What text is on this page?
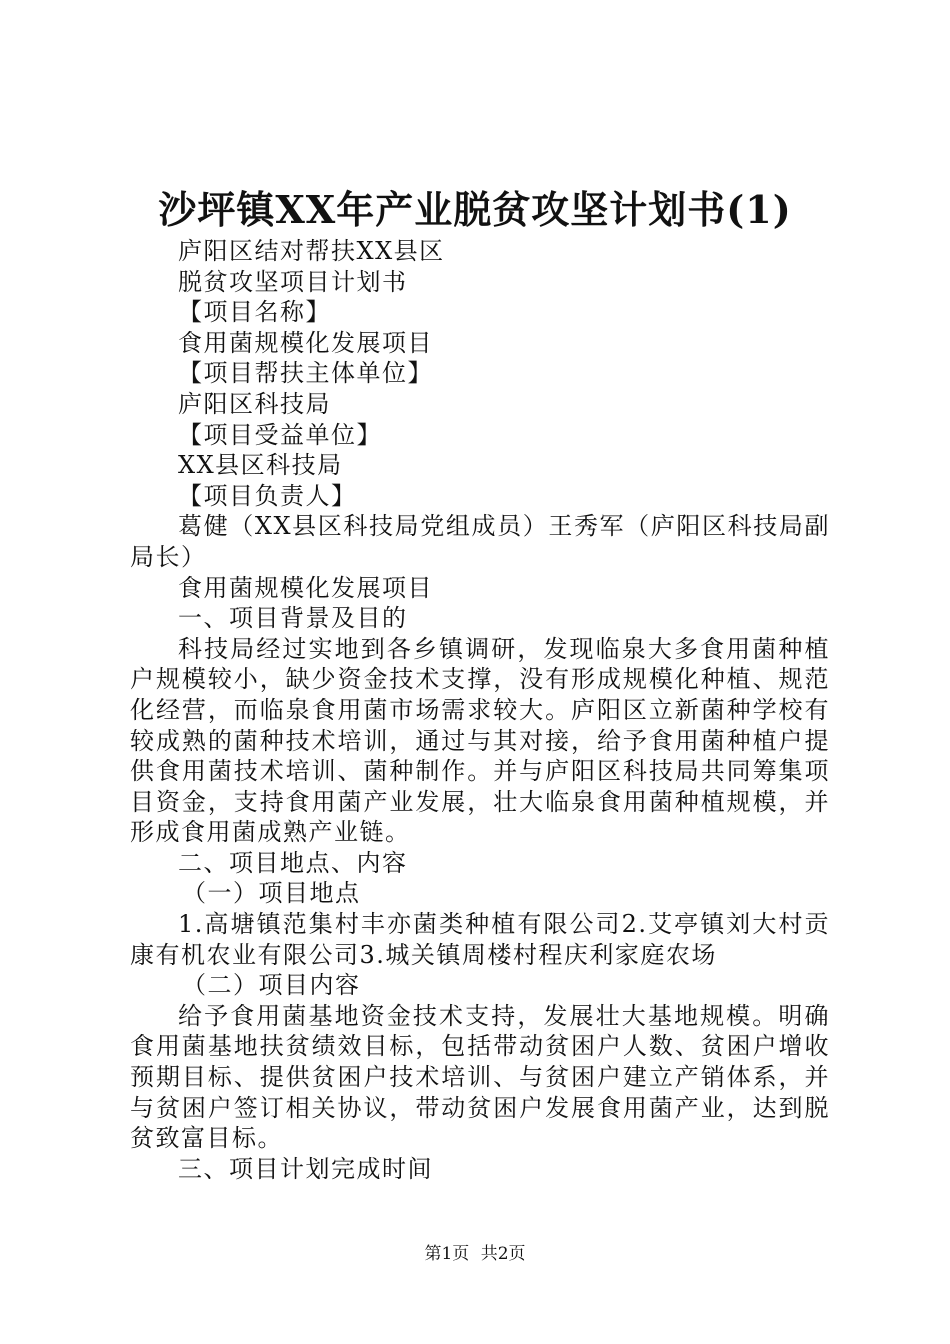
沙坪镇XX年产业脱贫攻坚计划书(1)

庐阳区结对帮扶XX县区

脱贫攻坚项目计划书

【项目名称】

食用菌规模化发展项目

【项目帮扶主体单位】

庐阳区科技局

【项目受益单位】

XX县区科技局

【项目负责人】

葛健（XX县区科技局党组成员）王秀军（庐阳区科技局副局长）

食用菌规模化发展项目

一、项目背景及目的

科技局经过实地到各乡镇调研，发现临泉大多食用菌种植户规模较小，缺少资金技术支撑，没有形成规模化种植、规范化经营，而临泉食用菌市场需求较大。庐阳区立新菌种学校有较成熟的菌种技术培训，通过与其对接，给予食用菌种植户提供食用菌技术培训、菌种制作。并与庐阳区科技局共同筹集项目资金，支持食用菌产业发展，壮大临泉食用菌种植规模，并形成食用菌成熟产业链。

二、项目地点、内容

（一）项目地点

1.高塘镇范集村丰亦菌类种植有限公司2.艾亭镇刘大村贡康有机农业有限公司3.城关镇周楼村程庆利家庭农场

（二）项目内容

给予食用菌基地资金技术支持，发展壮大基地规模。明确食用菌基地扶贫绩效目标，包括带动贫困户人数、贫困户增收预期目标、提供贫困户技术培训、与贫困户建立产销体系，并与贫困户签订相关协议，带动贫困户发展食用菌产业，达到脱贫致富目标。

三、项目计划完成时间

第1页 共2页
